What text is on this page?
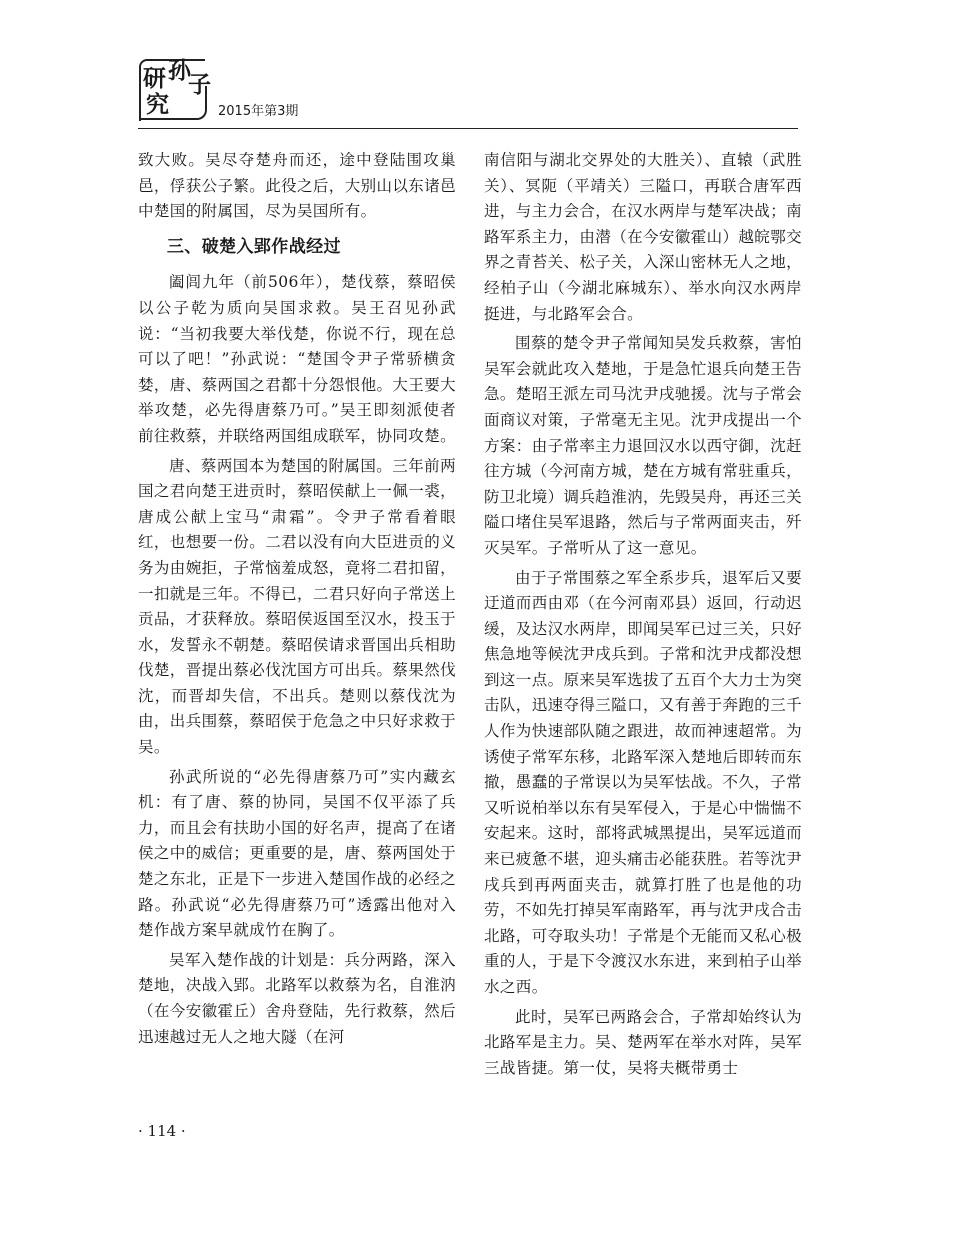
孙
子
研
究	2015年第3期

致大败。吴尽夺楚舟而还，途中登陆围攻巢邑，俘获公子繁。此役之后，大别山以东诸邑中楚国的附属国，尽为吴国所有。

三、破楚入郢作战经过

阖闾九年（前506年），楚伐蔡，蔡昭侯以公子乾为质向吴国求救。吴王召见孙武说：“当初我要大举伐楚，你说不行，现在总可以了吧！”孙武说：“楚国令尹子常骄横贪婪，唐、蔡两国之君都十分怨恨他。大王要大举攻楚，必先得唐蔡乃可。”吴王即刻派使者前往救蔡，并联络两国组成联军，协同攻楚。

唐、蔡两国本为楚国的附属国。三年前两国之君向楚王进贡时，蔡昭侯献上一佩一裘，唐成公献上宝马“肃霜”。令尹子常看着眼红，也想要一份。二君以没有向大臣进贡的义务为由婉拒，子常恼羞成怒，竟将二君扣留，一扣就是三年。不得已，二君只好向子常送上贡品，才获释放。蔡昭侯返国至汉水，投玉于水，发誓永不朝楚。蔡昭侯请求晋国出兵相助伐楚，晋提出蔡必伐沈国方可出兵。蔡果然伐沈，而晋却失信，不出兵。楚则以蔡伐沈为由，出兵围蔡，蔡昭侯于危急之中只好求救于吴。

孙武所说的“必先得唐蔡乃可”实内藏玄机：有了唐、蔡的协同，吴国不仅平添了兵力，而且会有扶助小国的好名声，提高了在诸侯之中的威信；更重要的是，唐、蔡两国处于楚之东北，正是下一步进入楚国作战的必经之路。孙武说“必先得唐蔡乃可”透露出他对入楚作战方案早就成竹在胸了。

吴军入楚作战的计划是：兵分两路，深入楚地，决战入郢。北路军以救蔡为名，自淮汭（在今安徽霍丘）舍舟登陆，先行救蔡，然后迅速越过无人之地大隧（在河

南信阳与湖北交界处的大胜关）、直辕（武胜关）、冥阨（平靖关）三隘口，再联合唐军西进，与主力会合，在汉水两岸与楚军决战；南路军系主力，由潜（在今安徽霍山）越皖鄂交界之青苔关、松子关，入深山密林无人之地，经柏子山（今湖北麻城东）、举水向汉水两岸挺进，与北路军会合。

围蔡的楚令尹子常闻知吴发兵救蔡，害怕吴军会就此攻入楚地，于是急忙退兵向楚王告急。楚昭王派左司马沈尹戌驰援。沈与子常会面商议对策，子常毫无主见。沈尹戌提出一个方案：由子常率主力退回汉水以西守御，沈赶往方城（今河南方城，楚在方城有常驻重兵，防卫北境）调兵趋淮汭，先毁吴舟，再还三关隘口堵住吴军退路，然后与子常两面夹击，歼灭吴军。子常听从了这一意见。

由于子常围蔡之军全系步兵，退军后又要迂道而西由邓（在今河南邓县）返回，行动迟缓，及达汉水两岸，即闻吴军已过三关，只好焦急地等候沈尹戌兵到。子常和沈尹戌都没想到这一点。原来吴军选拔了五百个大力士为突击队，迅速夺得三隘口，又有善于奔跑的三千人作为快速部队随之跟进，故而神速超常。为诱使子常军东移，北路军深入楚地后即转而东撤，愚蠢的子常误以为吴军怯战。不久，子常又听说柏举以东有吴军侵入，于是心中惴惴不安起来。这时，部将武城黑提出，吴军远道而来已疲惫不堪，迎头痛击必能获胜。若等沈尹戌兵到再两面夹击，就算打胜了也是他的功劳，不如先打掉吴军南路军，再与沈尹戌合击北路，可夺取头功！子常是个无能而又私心极重的人，于是下令渡汉水东进，来到柏子山举水之西。

此时，吴军已两路会合，子常却始终认为北路军是主力。吴、楚两军在举水对阵，吴军三战皆捷。第一仗，吴将夫概带勇士

· 114 ·
